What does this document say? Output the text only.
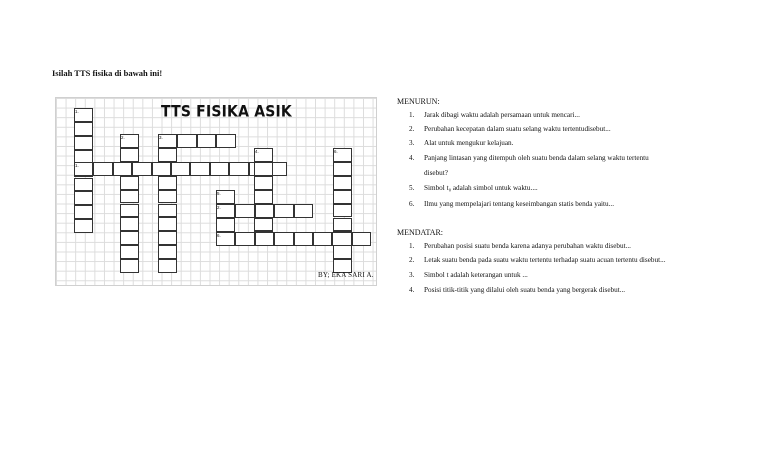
Isilah TTS fisika di bawah ini!
TTS FISIKA ASIK
1.
2.	3.
4.	6.
1.
5.
2.
6.
BY; EKA SARI A.
MENURUN:
1. Jarak dibagi waktu adalah persamaan untuk mencari...
2. Perubahan kecepatan dalam suatu selang waktu tertentudisebut...
3. Alat untuk mengukur kelajuan.
4. Panjang lintasan yang ditempuh oleh suatu benda dalam selang waktu tertentu
disebut?
5. Simbol t₀ adalah simbol untuk waktu....
6. Ilmu yang mempelajari tentang keseimbangan statis benda yaitu...
MENDATAR:
1. Perubahan posisi suatu benda karena adanya perubahan waktu disebut...
2. Letak suatu benda pada suatu waktu tertentu terhadap suatu acuan tertentu disebut...
3. Simbol t adalah keterangan untuk ...
4. Posisi titik-titik yang dilalui oleh suatu benda yang bergerak disebut...
